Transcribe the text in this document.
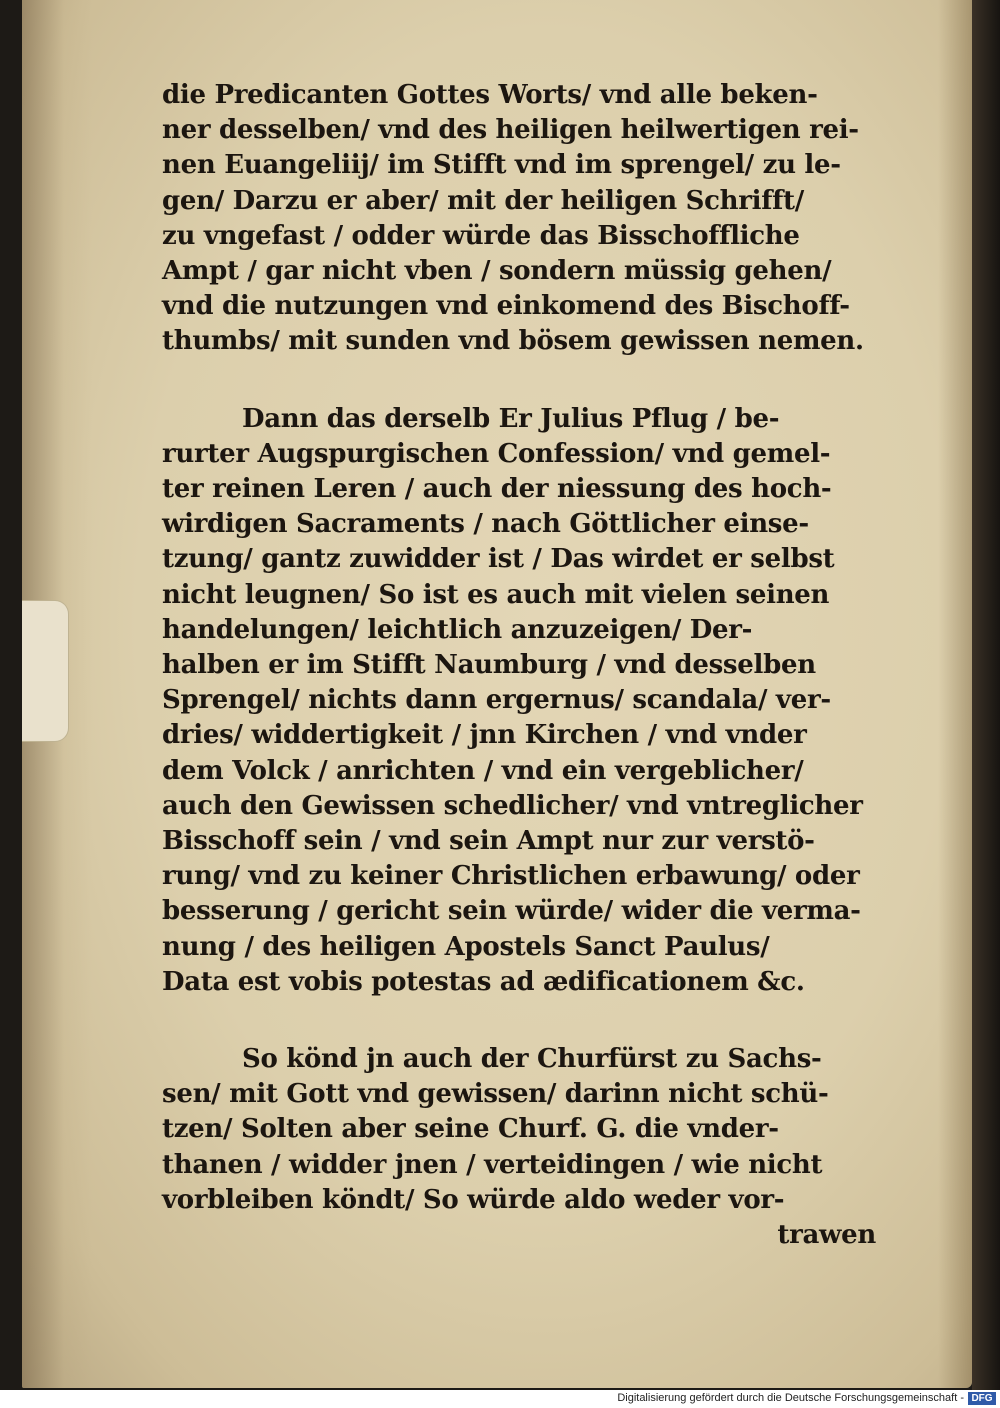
die Predicanten Gottes Worts/ vnd alle beken-
ner desselben/ vnd des heiligen heilwertigen rei-
nen Euangeliij/ im Stifft vnd im sprengel/ zu le-
gen/ Darzu er aber/ mit der heiligen Schrifft/
zu vngefast / odder würde das Bisschoffliche
Ampt / gar nicht vben / sondern müssig gehen/
vnd die nutzungen vnd einkomend des Bischoff-
thumbs/ mit sunden vnd bösem gewissen nemen.
Dann das derselb Er Julius Pflug / be-
rurter Augspurgischen Confession/ vnd gemel-
ter reinen Leren / auch der niessung des hoch-
wirdigen Sacraments / nach Göttlicher einse-
tzung/ gantz zuwidder ist / Das wirdet er selbst
nicht leugnen/ So ist es auch mit vielen seinen
handelungen/ leichtlich anzuzeigen/ Der-
halben er im Stifft Naumburg / vnd desselben
Sprengel/ nichts dann ergernus/ scandala/ ver-
dries/ widdertigkeit / jnn Kirchen / vnd vnder
dem Volck / anrichten / vnd ein vergeblicher/
auch den Gewissen schedlicher/ vnd vntreglicher
Bisschoff sein / vnd sein Ampt nur zur verstö-
rung/ vnd zu keiner Christlichen erbawung/ oder
besserung / gericht sein würde/ wider die verma-
nung / des heiligen Apostels Sanct Paulus/
Data est vobis potestas ad ædificationem &c.
So könd jn auch der Churfürst zu Sachs-
sen/ mit Gott vnd gewissen/ darinn nicht schü-
tzen/ Solten aber seine Churf. G. die vnder-
thanen / widder jnen / verteidingen / wie nicht
vorbleiben köndt/ So würde aldo weder vor-
trawen
Digitalisierung gefördert durch die Deutsche Forschungsgemeinschaft - DFG
